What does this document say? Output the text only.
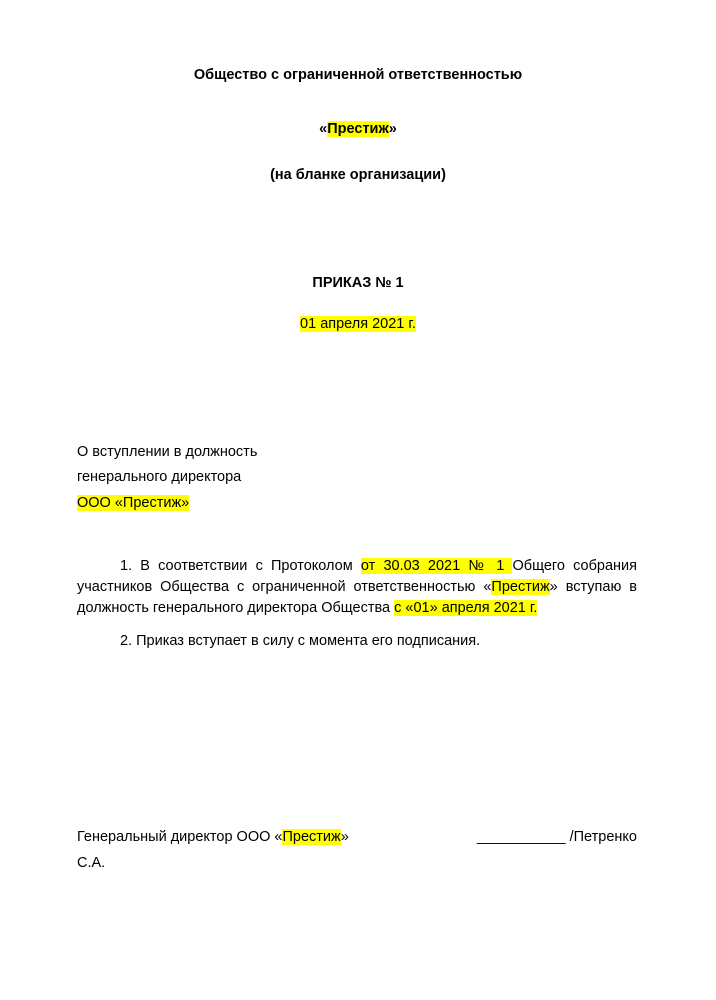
Общество с ограниченной ответственностью
«Престиж»
(на бланке организации)
ПРИКАЗ № 1
01 апреля 2021 г.
О вступлении в должность
генерального директора
ООО «Престиж»
1. В соответствии с Протоколом от 30.03 2021 № 1 Общего собрания участников Общества с ограниченной ответственностью «Престиж» вступаю в должность генерального директора Общества с «01» апреля 2021 г.
2. Приказ вступает в силу с момента его подписания.
Генеральный директор ООО «Престиж»	___________ /Петренко
С.А.
